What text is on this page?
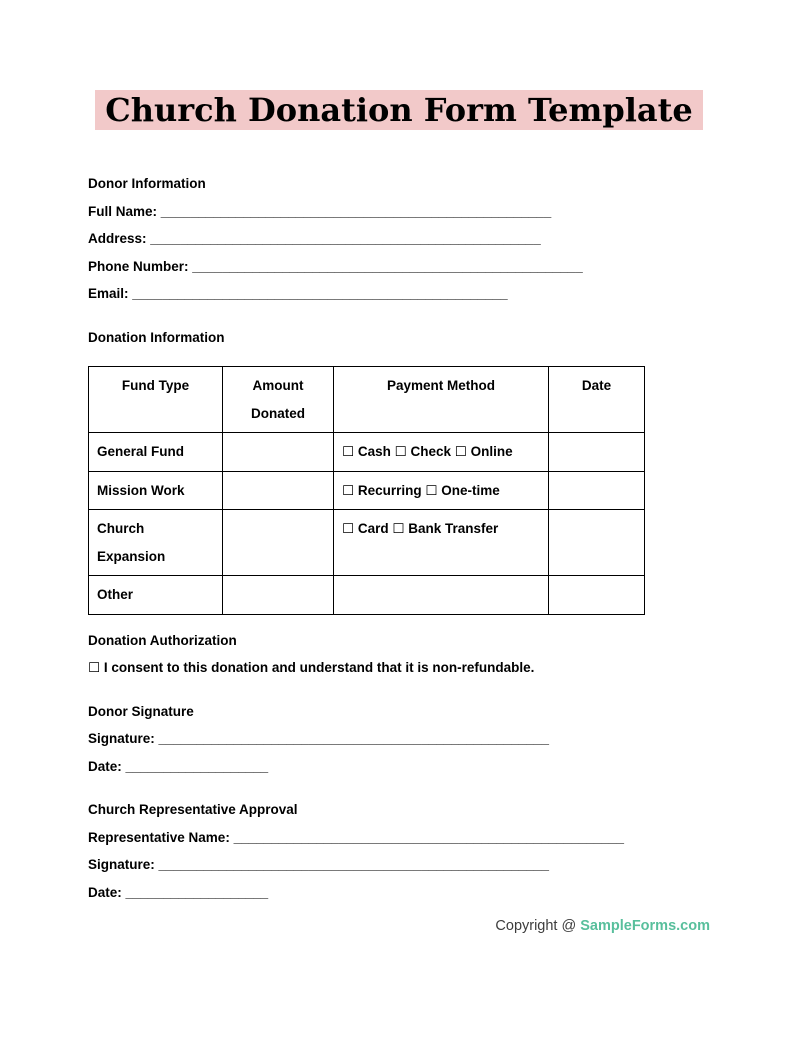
Church Donation Form Template

Donor Information

Full Name: ____________________________________________________

Address: ____________________________________________________

Phone Number: ____________________________________________________

Email: __________________________________________________

Donation Information

Fund Type	Amount Donated	Payment Method	Date
General Fund		☐ Cash ☐ Check ☐ Online	
Mission Work		☐ Recurring ☐ One-time	
Church Expansion		☐ Card ☐ Bank Transfer	
Other			

Donation Authorization

☐ I consent to this donation and understand that it is non-refundable.

Donor Signature

Signature: ____________________________________________________

Date: ___________________

Church Representative Approval

Representative Name: ____________________________________________________

Signature: ____________________________________________________

Date: ___________________

Copyright @ SampleForms.com
